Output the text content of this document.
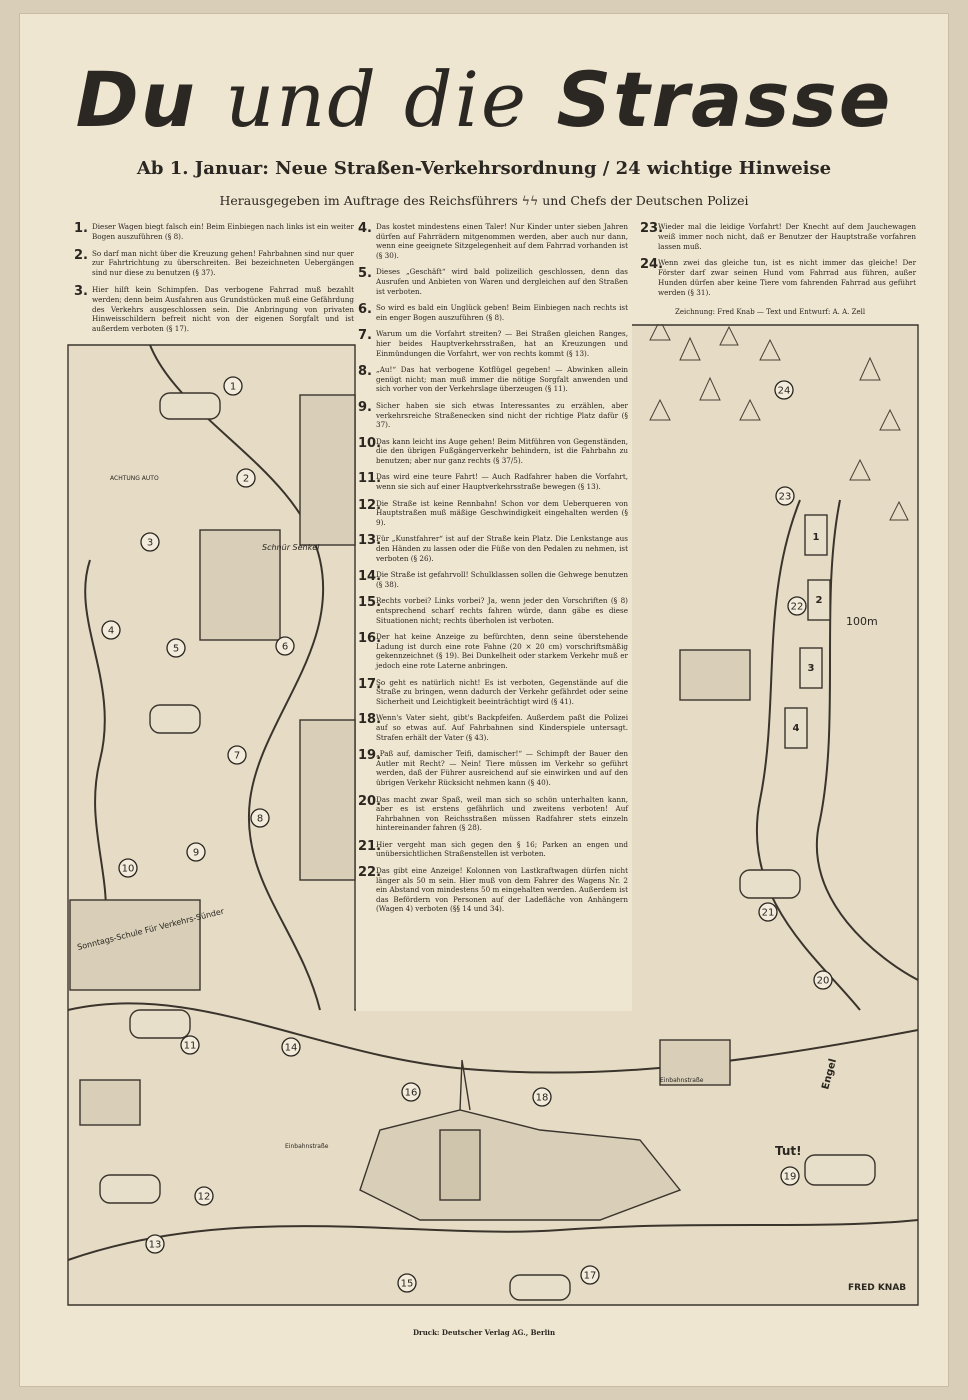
Du und die Strasse
Ab 1. Januar: Neue Straßen-Verkehrsordnung / 24 wichtige Hinweise
Herausgegeben im Auftrage des Reichsführers ϟϟ und Chefs der Deutschen Polizei
ACHTUNG AUTO
Schnür Senkel
Sonntags-Schule Für Verkehrs-Sünder
Einbahnstraße
Einbahnstraße
100m
Engel
Tut!
FRED KNAB
1
2
3
4
5	6
7
8
9
10
11
12
13
14
15
16
17
18
19
20
21
22
23
24
1
2
3
4
1. Dieser Wagen biegt falsch ein! Beim Einbiegen nach links ist ein weiter Bogen auszuführen (§ 8).
2. So darf man nicht über die Kreuzung gehen! Fahrbahnen sind nur quer zur Fahrtrichtung zu überschreiten. Bei bezeichneten Uebergängen sind nur diese zu benutzen (§ 37).
3. Hier hilft kein Schimpfen. Das verbogene Fahrrad muß bezahlt werden; denn beim Ausfahren aus Grundstücken muß eine Gefährdung des Verkehrs ausgeschlossen sein. Die Anbringung von privaten Hinweisschildern befreit nicht von der eigenen Sorgfalt und ist außerdem verboten (§ 17).
4. Das kostet mindestens einen Taler! Nur Kinder unter sieben Jahren dürfen auf Fahrrädern mitgenommen werden, aber auch nur dann, wenn eine geeignete Sitzgelegenheit auf dem Fahrrad vorhanden ist (§ 30).
5. Dieses „Geschäft“ wird bald polizeilich geschlossen, denn das Ausrufen und Anbieten von Waren und dergleichen auf den Straßen ist verboten.
6. So wird es bald ein Unglück geben! Beim Einbiegen nach rechts ist ein enger Bogen auszuführen (§ 8).
7. Warum um die Vorfahrt streiten? — Bei Straßen gleichen Ranges, hier beides Hauptverkehrsstraßen, hat an Kreuzungen und Einmündungen die Vorfahrt, wer von rechts kommt (§ 13).
8. „Au!“ Das hat verbogene Kotflügel gegeben! — Abwinken allein genügt nicht; man muß immer die nötige Sorgfalt anwenden und sich vorher von der Verkehrslage überzeugen (§ 11).
9. Sicher haben sie sich etwas Interessantes zu erzählen, aber verkehrsreiche Straßenecken sind nicht der richtige Platz dafür (§ 37).
10.
Das kann leicht ins Auge gehen! Beim Mitführen von Gegenständen, die den übrigen Fußgängerverkehr behindern, ist die Fahrbahn zu benutzen; aber nur ganz rechts (§ 37/5).
11.
Das wird eine teure Fahrt! — Auch Radfahrer haben die Vorfahrt, wenn sie sich auf einer Hauptverkehrsstraße bewegen (§ 13).
12.
Die Straße ist keine Rennbahn! Schon vor dem Ueberqueren von Hauptstraßen muß mäßige Geschwindigkeit eingehalten werden (§ 9).
13.
Für „Kunstfahrer“ ist auf der Straße kein Platz. Die Lenkstange aus den Händen zu lassen oder die Füße von den Pedalen zu nehmen, ist verboten (§ 26).
14.
Die Straße ist gefahrvoll! Schulklassen sollen die Gehwege benutzen (§ 38).
15.
Rechts vorbei? Links vorbei? Ja, wenn jeder den Vorschriften (§ 8) entsprechend scharf rechts fahren würde, dann gäbe es diese Situationen nicht; rechts überholen ist verboten.
16.
Der hat keine Anzeige zu befürchten, denn seine überstehende Ladung ist durch eine rote Fahne (20 × 20 cm) vorschriftsmäßig gekennzeichnet (§ 19). Bei Dunkelheit oder starkem Verkehr muß er jedoch eine rote Laterne anbringen.
17.
So geht es natürlich nicht! Es ist verboten, Gegenstände auf die Straße zu bringen, wenn dadurch der Verkehr gefährdet oder seine Sicherheit und Leichtigkeit beeinträchtigt wird (§ 41).
18.
Wenn's Vater sieht, gibt's Backpfeifen. Außerdem paßt die Polizei auf so etwas auf. Auf Fahrbahnen sind Kinderspiele untersagt. Strafen erhält der Vater (§ 43).
19.
„Paß auf, damischer Teifi, damischer!“ — Schimpft der Bauer den Autler mit Recht? — Nein! Tiere müssen im Verkehr so geführt werden, daß der Führer ausreichend auf sie einwirken und auf den übrigen Verkehr Rücksicht nehmen kann (§ 40).
20.
Das macht zwar Spaß, weil man sich so schön unterhalten kann, aber es ist erstens gefährlich und zweitens verboten! Auf Fahrbahnen von Reichsstraßen müssen Radfahrer stets einzeln hintereinander fahren (§ 28).
21.
Hier vergeht man sich gegen den § 16; Parken an engen und unübersichtlichen Straßenstellen ist verboten.
22.
Das gibt eine Anzeige! Kolonnen von Lastkraftwagen dürfen nicht länger als 50 m sein. Hier muß von dem Fahrer des Wagens Nr. 2 ein Abstand von mindestens 50 m eingehalten werden. Außerdem ist das Befördern von Personen auf der Ladefläche von Anhängern (Wagen 4) verboten (§§ 14 und 34).
23.
Wieder mal die leidige Vorfahrt! Der Knecht auf dem Jauchewagen weiß immer noch nicht, daß er Benutzer der Hauptstraße vorfahren lassen muß.
24.
Wenn zwei das gleiche tun, ist es nicht immer das gleiche! Der Förster darf zwar seinen Hund vom Fahrrad aus führen, außer Hunden dürfen aber keine Tiere vom fahrenden Fahrrad aus geführt werden (§ 31).
Zeichnung: Fred Knab — Text und Entwurf: A. A. Zell
Druck: Deutscher Verlag AG., Berlin
